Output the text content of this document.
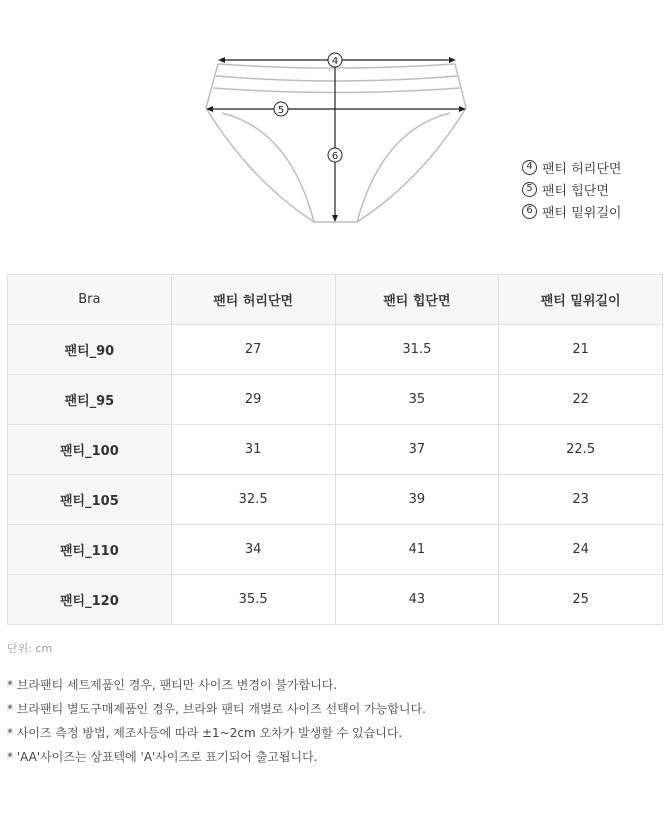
4
5
6
4 팬티 허리단면
5 팬티 힙단면
6 팬티 밑위길이
Bra	팬티 허리단면	팬티 힙단면	팬티 밑위길이
팬티_90	27	31.5	21
팬티_95	29	35	22
팬티_100	31	37	22.5
팬티_105	32.5	39	23
팬티_110	34	41	24
팬티_120	35.5	43	25
단위: cm
* 브라팬티 세트제품인 경우, 팬티만 사이즈 변경이 불가합니다.
* 브라팬티 별도구매제품인 경우, 브라와 팬티 개별로 사이즈 선택이 가능합니다.
* 사이즈 측정 방법, 제조사등에 따라 ±1~2cm 오차가 발생할 수 있습니다.
* 'AA'사이즈는 상표텍에 'A'사이즈로 표기되어 출고됩니다.
